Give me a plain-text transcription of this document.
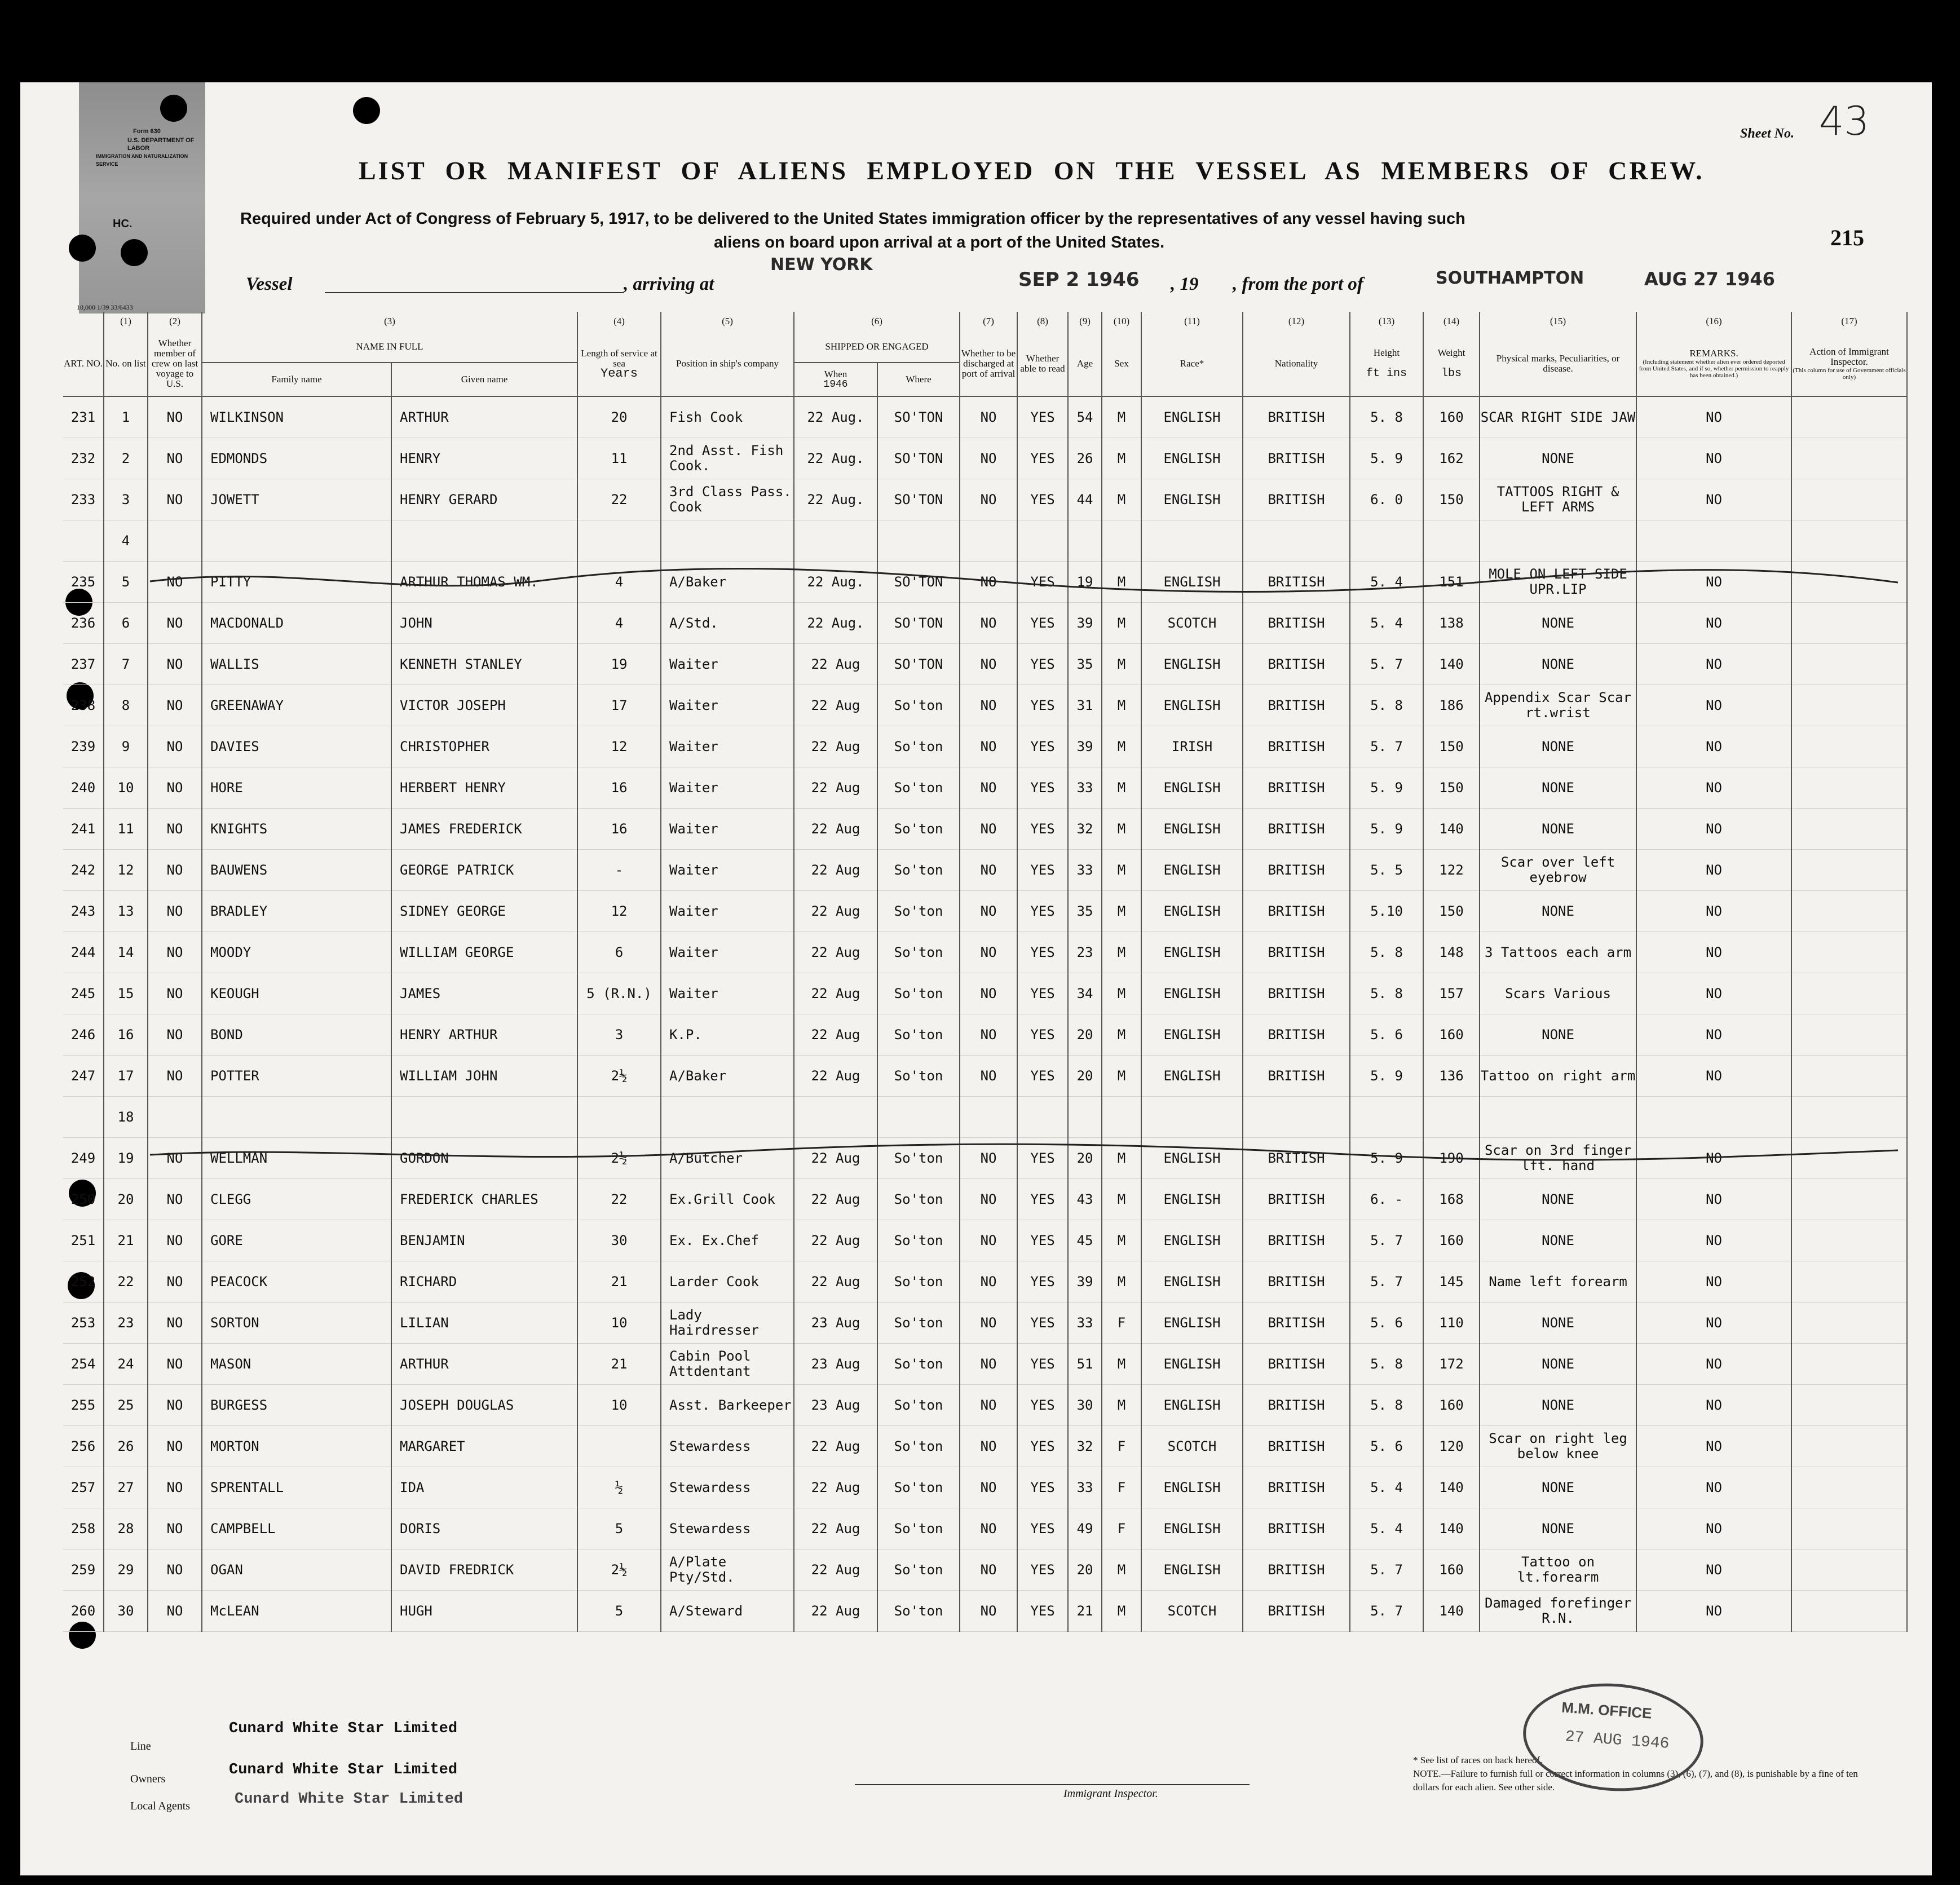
Form 630
U.S. DEPARTMENT OF LABOR
IMMIGRATION AND NATURALIZATION SERVICE
HC.
10,000 1/39 33/6433
Sheet No. 43
LIST OR MANIFEST OF ALIENS EMPLOYED ON THE VESSEL AS MEMBERS OF CREW.
Required under Act of Congress of February 5, 1917, to be delivered to the United States immigration officer by the representatives of any vessel having such
aliens on board upon arrival at a port of the United States.	215
Vessel	, arriving at
NEW YORK
SEP 2 1946 , 19 , from the port of	SOUTHAMPTON	AUG 27 1946
	(1)	(2)	(3)		(4)	(5)	(6)		(7)	(8)	(9)	(10)	(11)	(12)	(13)	(14)	(15)	(16)	(17)
ART. NO.	No. on list	Whether member of crew on last voyage to U.S.	NAME IN FULL		Length of service at sea
Years	Position in ship's company	SHIPPED OR ENGAGED		Whether to be discharged at port of arrival	Whether able to read	Age	Sex	Race*	Nationality	Height

ft ins	Weight

lbs	Physical marks, Peculiarities, or disease.	REMARKS.

(Including statement whether alien ever ordered deported from United States, and if so, whether permission to reapply has been obtained.)	Action of Immigrant Inspector.

(This column for use of Government officials only)

			Family name	Given name			When
1946	Where											
231	1	NO	WILKINSON	ARTHUR	20	Fish Cook	22 Aug.	SO'TON	NO	YES	54	M	ENGLISH	BRITISH	5. 8	160	SCAR RIGHT SIDE JAW	NO	
232	2	NO	EDMONDS	HENRY	11	2nd Asst. Fish Cook.	22 Aug.	SO'TON	NO	YES	26	M	ENGLISH	BRITISH	5. 9	162	NONE	NO	
233	3	NO	JOWETT	HENRY GERARD	22	3rd Class Pass. Cook	22 Aug.	SO'TON	NO	YES	44	M	ENGLISH	BRITISH	6. 0	150	TATTOOS RIGHT & LEFT ARMS	NO	
	4																		
235	5	NO	PITTY	ARTHUR THOMAS WM.	4	A/Baker	22 Aug.	SO'TON	NO	YES	19	M	ENGLISH	BRITISH	5. 4	151	MOLE ON LEFT SIDE UPR.LIP	NO	
236	6	NO	MACDONALD	JOHN	4	A/Std.	22 Aug.	SO'TON	NO	YES	39	M	SCOTCH	BRITISH	5. 4	138	NONE	NO	
237	7	NO	WALLIS	KENNETH STANLEY	19	Waiter	22 Aug	SO'TON	NO	YES	35	M	ENGLISH	BRITISH	5. 7	140	NONE	NO	
238	8	NO	GREENAWAY	VICTOR JOSEPH	17	Waiter	22 Aug	So'ton	NO	YES	31	M	ENGLISH	BRITISH	5. 8	186	Appendix Scar Scar rt.wrist	NO	
239	9	NO	DAVIES	CHRISTOPHER	12	Waiter	22 Aug	So'ton	NO	YES	39	M	IRISH	BRITISH	5. 7	150	NONE	NO	
240	10	NO	HORE	HERBERT HENRY	16	Waiter	22 Aug	So'ton	NO	YES	33	M	ENGLISH	BRITISH	5. 9	150	NONE	NO	
241	11	NO	KNIGHTS	JAMES FREDERICK	16	Waiter	22 Aug	So'ton	NO	YES	32	M	ENGLISH	BRITISH	5. 9	140	NONE	NO	
242	12	NO	BAUWENS	GEORGE PATRICK	-	Waiter	22 Aug	So'ton	NO	YES	33	M	ENGLISH	BRITISH	5. 5	122	Scar over left eyebrow	NO	
243	13	NO	BRADLEY	SIDNEY GEORGE	12	Waiter	22 Aug	So'ton	NO	YES	35	M	ENGLISH	BRITISH	5.10	150	NONE	NO	
244	14	NO	MOODY	WILLIAM GEORGE	6	Waiter	22 Aug	So'ton	NO	YES	23	M	ENGLISH	BRITISH	5. 8	148	3 Tattoos each arm	NO	
245	15	NO	KEOUGH	JAMES	5 (R.N.)	Waiter	22 Aug	So'ton	NO	YES	34	M	ENGLISH	BRITISH	5. 8	157	Scars Various	NO	
246	16	NO	BOND	HENRY ARTHUR	3	K.P.	22 Aug	So'ton	NO	YES	20	M	ENGLISH	BRITISH	5. 6	160	NONE	NO	
247	17	NO	POTTER	WILLIAM JOHN	2½	A/Baker	22 Aug	So'ton	NO	YES	20	M	ENGLISH	BRITISH	5. 9	136	Tattoo on right arm	NO	
	18																		
249	19	NO	WELLMAN	GORDON	2½	A/Butcher	22 Aug	So'ton	NO	YES	20	M	ENGLISH	BRITISH	5. 9	190	Scar on 3rd finger lft. hand	NO	
250	20	NO	CLEGG	FREDERICK CHARLES	22	Ex.Grill Cook	22 Aug	So'ton	NO	YES	43	M	ENGLISH	BRITISH	6. -	168	NONE	NO	
251	21	NO	GORE	BENJAMIN	30	Ex. Ex.Chef	22 Aug	So'ton	NO	YES	45	M	ENGLISH	BRITISH	5. 7	160	NONE	NO	
252	22	NO	PEACOCK	RICHARD	21	Larder Cook	22 Aug	So'ton	NO	YES	39	M	ENGLISH	BRITISH	5. 7	145	Name left forearm	NO	
253	23	NO	SORTON	LILIAN	10	Lady Hairdresser	23 Aug	So'ton	NO	YES	33	F	ENGLISH	BRITISH	5. 6	110	NONE	NO	
254	24	NO	MASON	ARTHUR	21	Cabin Pool Attdentant	23 Aug	So'ton	NO	YES	51	M	ENGLISH	BRITISH	5. 8	172	NONE	NO	
255	25	NO	BURGESS	JOSEPH DOUGLAS	10	Asst. Barkeeper	23 Aug	So'ton	NO	YES	30	M	ENGLISH	BRITISH	5. 8	160	NONE	NO	
256	26	NO	MORTON	MARGARET		Stewardess	22 Aug	So'ton	NO	YES	32	F	SCOTCH	BRITISH	5. 6	120	Scar on right leg below knee	NO	
257	27	NO	SPRENTALL	IDA	½	Stewardess	22 Aug	So'ton	NO	YES	33	F	ENGLISH	BRITISH	5. 4	140	NONE	NO	
258	28	NO	CAMPBELL	DORIS	5	Stewardess	22 Aug	So'ton	NO	YES	49	F	ENGLISH	BRITISH	5. 4	140	NONE	NO	
259	29	NO	OGAN	DAVID FREDRICK	2½	A/Plate Pty/Std.	22 Aug	So'ton	NO	YES	20	M	ENGLISH	BRITISH	5. 7	160	Tattoo on lt.forearm	NO	
260	30	NO	McLEAN	HUGH	5	A/Steward	22 Aug	So'ton	NO	YES	21	M	SCOTCH	BRITISH	5. 7	140	Damaged forefinger R.N.	NO	
Cunard White Star Limited
Line
Cunard White Star Limited
Owners
Cunard White Star Limited
Local Agents
Immigrant Inspector.
* See list of races on back hereof.
NOTE.—Failure to furnish full or correct information in columns (3), (6), (7), and (8), is punishable by a fine of ten dollars for each alien. See other side.
M.M. OFFICE
27 AUG 1946
